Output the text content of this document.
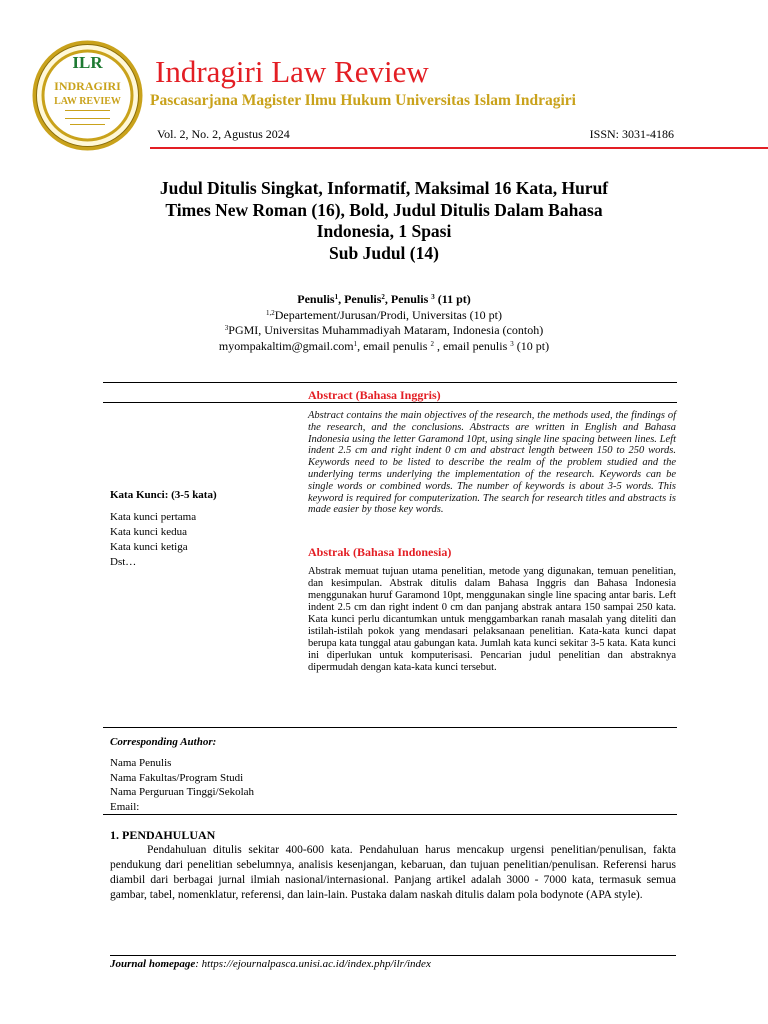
ILR
INDRAGIRI
LAW REVIEW
Indragiri Law Review
Pascasarjana Magister Ilmu Hukum Universitas Islam Indragiri
Vol. 2, No. 2, Agustus 2024	ISSN: 3031-4186
Judul Ditulis Singkat, Informatif, Maksimal 16 Kata, Huruf
Times New Roman (16), Bold, Judul Ditulis Dalam Bahasa
Indonesia, 1 Spasi
Sub Judul (14)
Penulis$^1$, Penulis$^2$, Penulis $^3$ (11 pt)
$^{1,2}$Departement/Jurusan/Prodi, Universitas (10 pt)
$^3$PGMI, Universitas Muhammadiyah Mataram, Indonesia (contoh)
myompakaltim@gmail.com$^1$, email penulis $^2$ , email penulis $^3$ (10 pt)
Abstract (Bahasa Inggris)
Abstract contains the main objectives of the research, the methods used, the findings of the research, and the conclusions. Abstracts are written in English and Bahasa Indonesia using the letter Garamond 10pt, using single line spacing between lines. Left indent 2.5 cm and right indent 0 cm and abstract length between 150 to 250 words. Keywords need to be listed to describe the realm of the problem studied and the underlying terms underlying the implementation of the research. Keywords can be single words or combined words. The number of keywords is about 3-5 words. This keyword is required for computerization. The search for research titles and abstracts is made easier by those key words.
Abstrak (Bahasa Indonesia)
Abstrak memuat tujuan utama penelitian, metode yang digunakan, temuan penelitian, dan kesimpulan. Abstrak ditulis dalam Bahasa Inggris dan Bahasa Indonesia menggunakan huruf Garamond 10pt, menggunakan single line spacing antar baris. Left indent 2.5 cm dan right indent 0 cm dan panjang abstrak antara 150 sampai 250 kata. Kata kunci perlu dicantumkan untuk menggambarkan ranah masalah yang diteliti dan istilah-istilah pokok yang mendasari pelaksanaan penelitian. Kata-kata kunci dapat berupa kata tunggal atau gabungan kata. Jumlah kata kunci sekitar 3-5 kata. Kata kunci ini diperlukan untuk komputerisasi. Pencarian judul penelitian dan abstraknya dipermudah dengan kata-kata kunci tersebut.
Kata Kunci: (3-5 kata)
Kata kunci pertama
Kata kunci kedua
Kata kunci ketiga
Dst…
Corresponding Author:
Nama Penulis
Nama Fakultas/Program Studi
Nama Perguruan Tinggi/Sekolah
Email:
1. PENDAHULUAN
Pendahuluan ditulis sekitar 400-600 kata. Pendahuluan harus mencakup urgensi penelitian/penulisan, fakta pendukung dari penelitian sebelumnya, analisis kesenjangan, kebaruan, dan tujuan penelitian/penulisan. Referensi harus diambil dari berbagai jurnal ilmiah nasional/internasional. Panjang artikel adalah 3000 - 7000 kata, termasuk semua gambar, tabel, nomenklatur, referensi, dan lain-lain. Pustaka dalam naskah ditulis dalam pola bodynote (APA style).
Journal homepage: https://ejournalpasca.unisi.ac.id/index.php/ilr/index
